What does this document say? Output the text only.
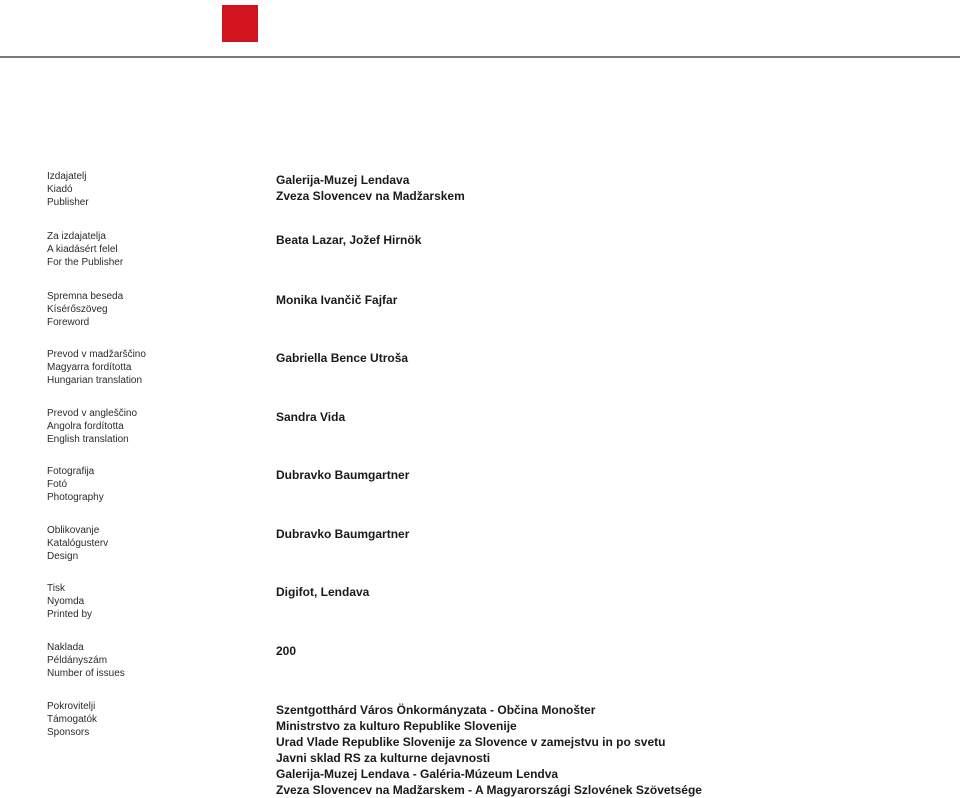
Izdajatelj
Kiadó
Publisher
Galerija-Muzej Lendava
Zveza Slovencev na Madžarskem
Za izdajatelja
A kiadásért felel
For the Publisher
Beata Lazar, Jožef Hirnök
Spremna beseda
Kísérőszöveg
Foreword
Monika Ivančič Fajfar
Prevod v madžarščino
Magyarra fordította
Hungarian translation
Gabriella Bence Utroša
Prevod v angleščino
Angolra fordította
English translation
Sandra Vida
Fotografija
Fotó
Photography
Dubravko Baumgartner
Oblikovanje
Katalógusterv
Design
Dubravko Baumgartner
Tisk
Nyomda
Printed by
Digifot, Lendava
Naklada
Példányszám
Number of issues
200
Pokrovitelji
Támogatók
Sponsors
Szentgotthárd Város Önkormányzata - Občina Monošter
Ministrstvo za kulturo Republike Slovenije
Urad Vlade Republike Slovenije za Slovence v zamejstvu in po svetu
Javni sklad RS za kulturne dejavnosti
Galerija-Muzej Lendava - Galéria-Múzeum Lendva
Zveza Slovencev na Madžarskem - A Magyarországi Szlovének Szövetsége
